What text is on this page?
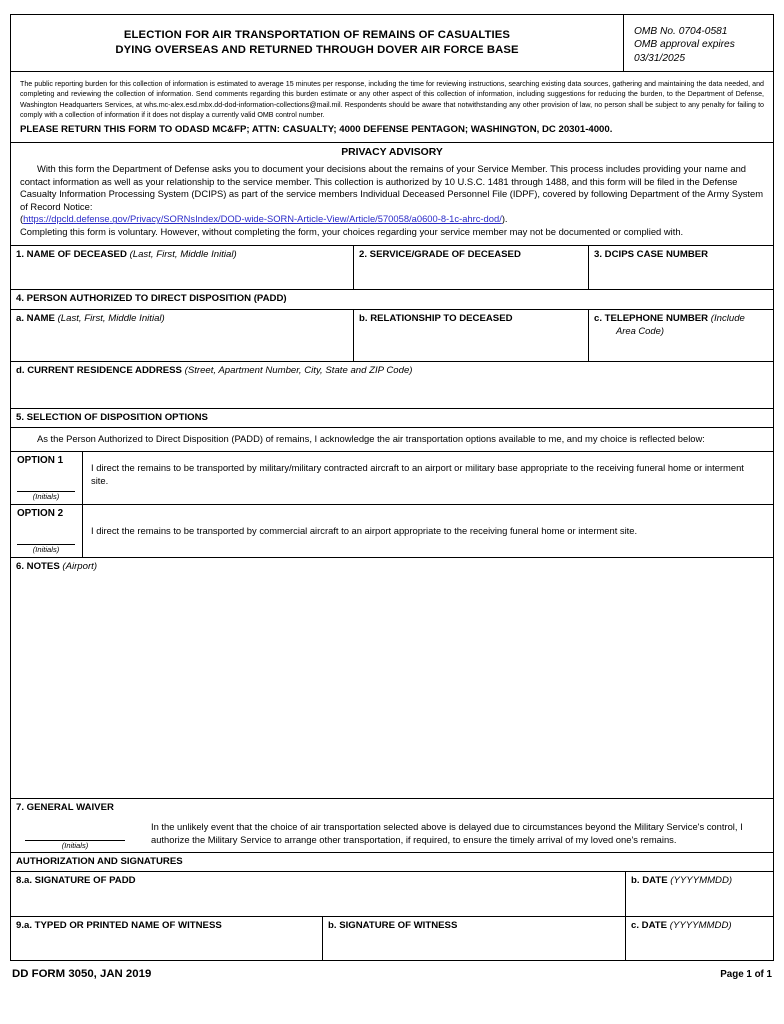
ELECTION FOR AIR TRANSPORTATION OF REMAINS OF CASUALTIES
DYING OVERSEAS AND RETURNED THROUGH DOVER AIR FORCE BASE
OMB No. 0704-0581
OMB approval expires
03/31/2025
The public reporting burden for this collection of information is estimated to average 15 minutes per response, including the time for reviewing instructions, searching existing data sources, gathering and maintaining the data needed, and completing and reviewing the collection of information. Send comments regarding this burden estimate or any other aspect of this collection of information, including suggestions for reducing the burden, to the Department of Defense, Washington Headquarters Services, at whs.mc-alex.esd.mbx.dd-dod-information-collections@mail.mil. Respondents should be aware that notwithstanding any other provision of law, no person shall be subject to any penalty for failing to comply with a collection of information if it does not display a currently valid OMB control number.
PLEASE RETURN THIS FORM TO ODASD MC&FP; ATTN: CASUALTY; 4000 DEFENSE PENTAGON; WASHINGTON, DC 20301-4000.
PRIVACY ADVISORY

With this form the Department of Defense asks you to document your decisions about the remains of your Service Member. This process includes providing your name and contact information as well as your relationship to the service member. This collection is authorized by 10 U.S.C. 1481 through 1488, and this form will be filed in the Defense Casualty Information Processing System (DCIPS) as part of the service members Individual Deceased Personnel File (IDPF), covered by following Department of the Army System of Record Notice:

(https://dpcld.defense.gov/Privacy/SORNsIndex/DOD-wide-SORN-Article-View/Article/570058/a0600-8-1c-ahrc-dod/).

Completing this form is voluntary. However, without completing the form, your choices regarding your service member may not be documented or complied with.

1. NAME OF DECEASED (Last, First, Middle Initial)	2. SERVICE/GRADE OF DECEASED	3. DCIPS CASE NUMBER
4. PERSON AUTHORIZED TO DIRECT DISPOSITION (PADD)
a. NAME (Last, First, Middle Initial)	b. RELATIONSHIP TO DECEASED	c. TELEPHONE NUMBER (Include
Area Code)
d. CURRENT RESIDENCE ADDRESS (Street, Apartment Number, City, State and ZIP Code)
5. SELECTION OF DISPOSITION OPTIONS
As the Person Authorized to Direct Disposition (PADD) of remains, I acknowledge the air transportation options available to me, and my choice is reflected below:
OPTION 1
(Initials)
I direct the remains to be transported by military/military contracted aircraft to an airport or military base appropriate to the receiving funeral home or interment site.
OPTION 2
(Initials)
I direct the remains to be transported by commercial aircraft to an airport appropriate to the receiving funeral home or interment site.
6. NOTES (Airport)
7. GENERAL WAIVER
(Initials)
In the unlikely event that the choice of air transportation selected above is delayed due to circumstances beyond the Military Service's control, I authorize the Military Service to arrange other transportation, if required, to ensure the timely arrival of my loved one's remains.
AUTHORIZATION AND SIGNATURES
8.a. SIGNATURE OF PADD	b. DATE (YYYYMMDD)
9.a. TYPED OR PRINTED NAME OF WITNESS	b. SIGNATURE OF WITNESS	c. DATE (YYYYMMDD)
DD FORM 3050, JAN 2019	Page 1 of 1
